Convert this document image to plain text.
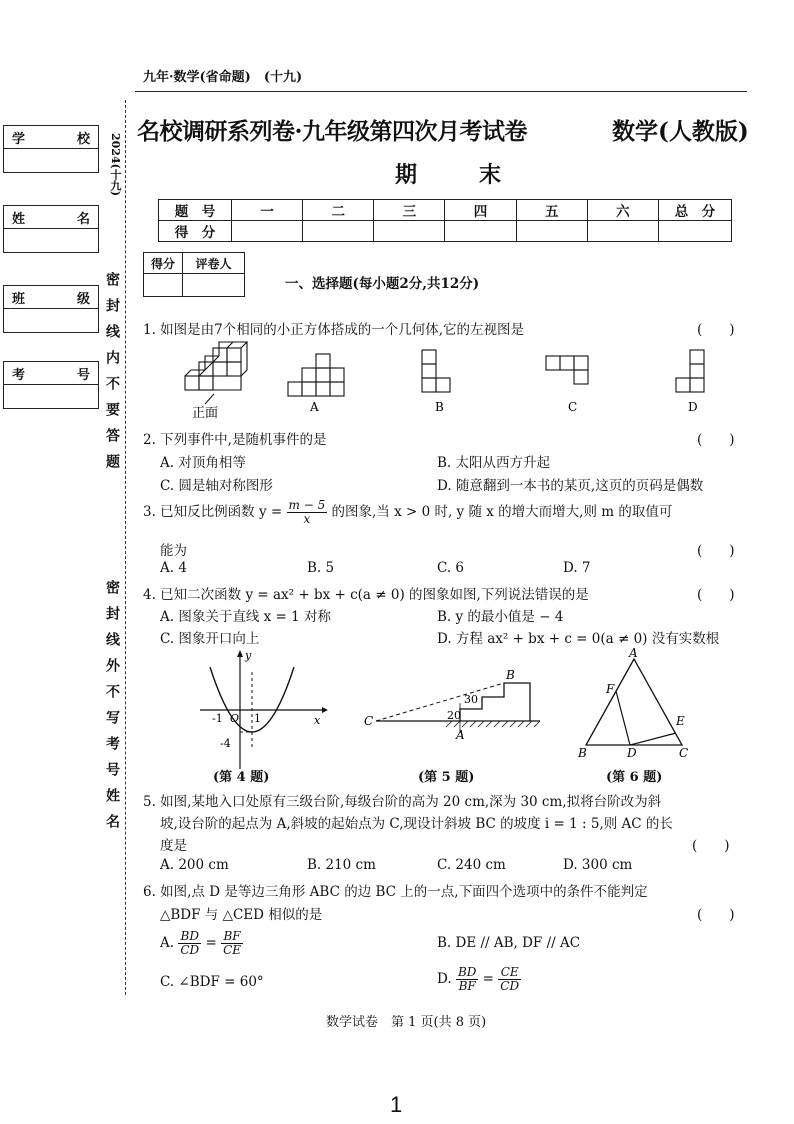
学	校
姓	名
班	级
考	号
2024(十九)
密封线内不要答题
密封线外不写考号姓名
九年·数学(省命题)　(十九)
名校调研系列卷·九年级第四次月考试卷	数学(人教版)
期　末
题　号	一	二	三	四	五	六	总　分
得　分							
得分	评卷人

一、选择题(每小题2分,共12分)
1. 如图是由7个相同的小正方体搭成的一个几何体,它的左视图是	(　　)
正面	A	B	C	D
2. 下列事件中,是随机事件的是	(　　)
A. 对顶角相等	B. 太阳从西方升起
C. 圆是轴对称图形	D. 随意翻到一本书的某页,这页的页码是偶数
3. 已知反比例函数 $y = \frac{m - 5}{x}$ 的图象,当 x > 0 时, y 随 x 的增大而增大,则 m 的取值可
能为	(　　)
A. 4	B. 5	C. 6	D. 7
4. 已知二次函数 y = ax² + bx + c(a ≠ 0) 的图象如图,下列说法错误的是	(　　)
A. 图象关于直线 x = 1 对称	B. y 的最小值是 − 4
C. 图象开口向上	D. 方程 ax² + bx + c = 0(a ≠ 0) 没有实数根
y
x
O
-1	1
-4
(第 4 题)
B
C
A
30
20
(第 5 题)
A
F
E
B	D	C
(第 6 题)
5. 如图,某地入口处原有三级台阶,每级台阶的高为 20 cm,深为 30 cm,拟将台阶改为斜
坡,设台阶的起点为 A,斜坡的起始点为 C,现设计斜坡 BC 的坡度 i = 1 : 5,则 AC 的长
度是	(　　)
A. 200 cm	B. 210 cm	C. 240 cm	D. 300 cm
6. 如图,点 D 是等边三角形 ABC 的边 BC 上的一点,下面四个选项中的条件不能判定
△BDF 与 △CED 相似的是	(　　)
A. $\frac{BD}{CD} = \frac{BF}{CE}$	B. DE // AB, DF // AC
C. ∠BDF = 60°	D. $\frac{BD}{BF} = \frac{CE}{CD}$
数学试卷　第 1 页(共 8 页)
1
